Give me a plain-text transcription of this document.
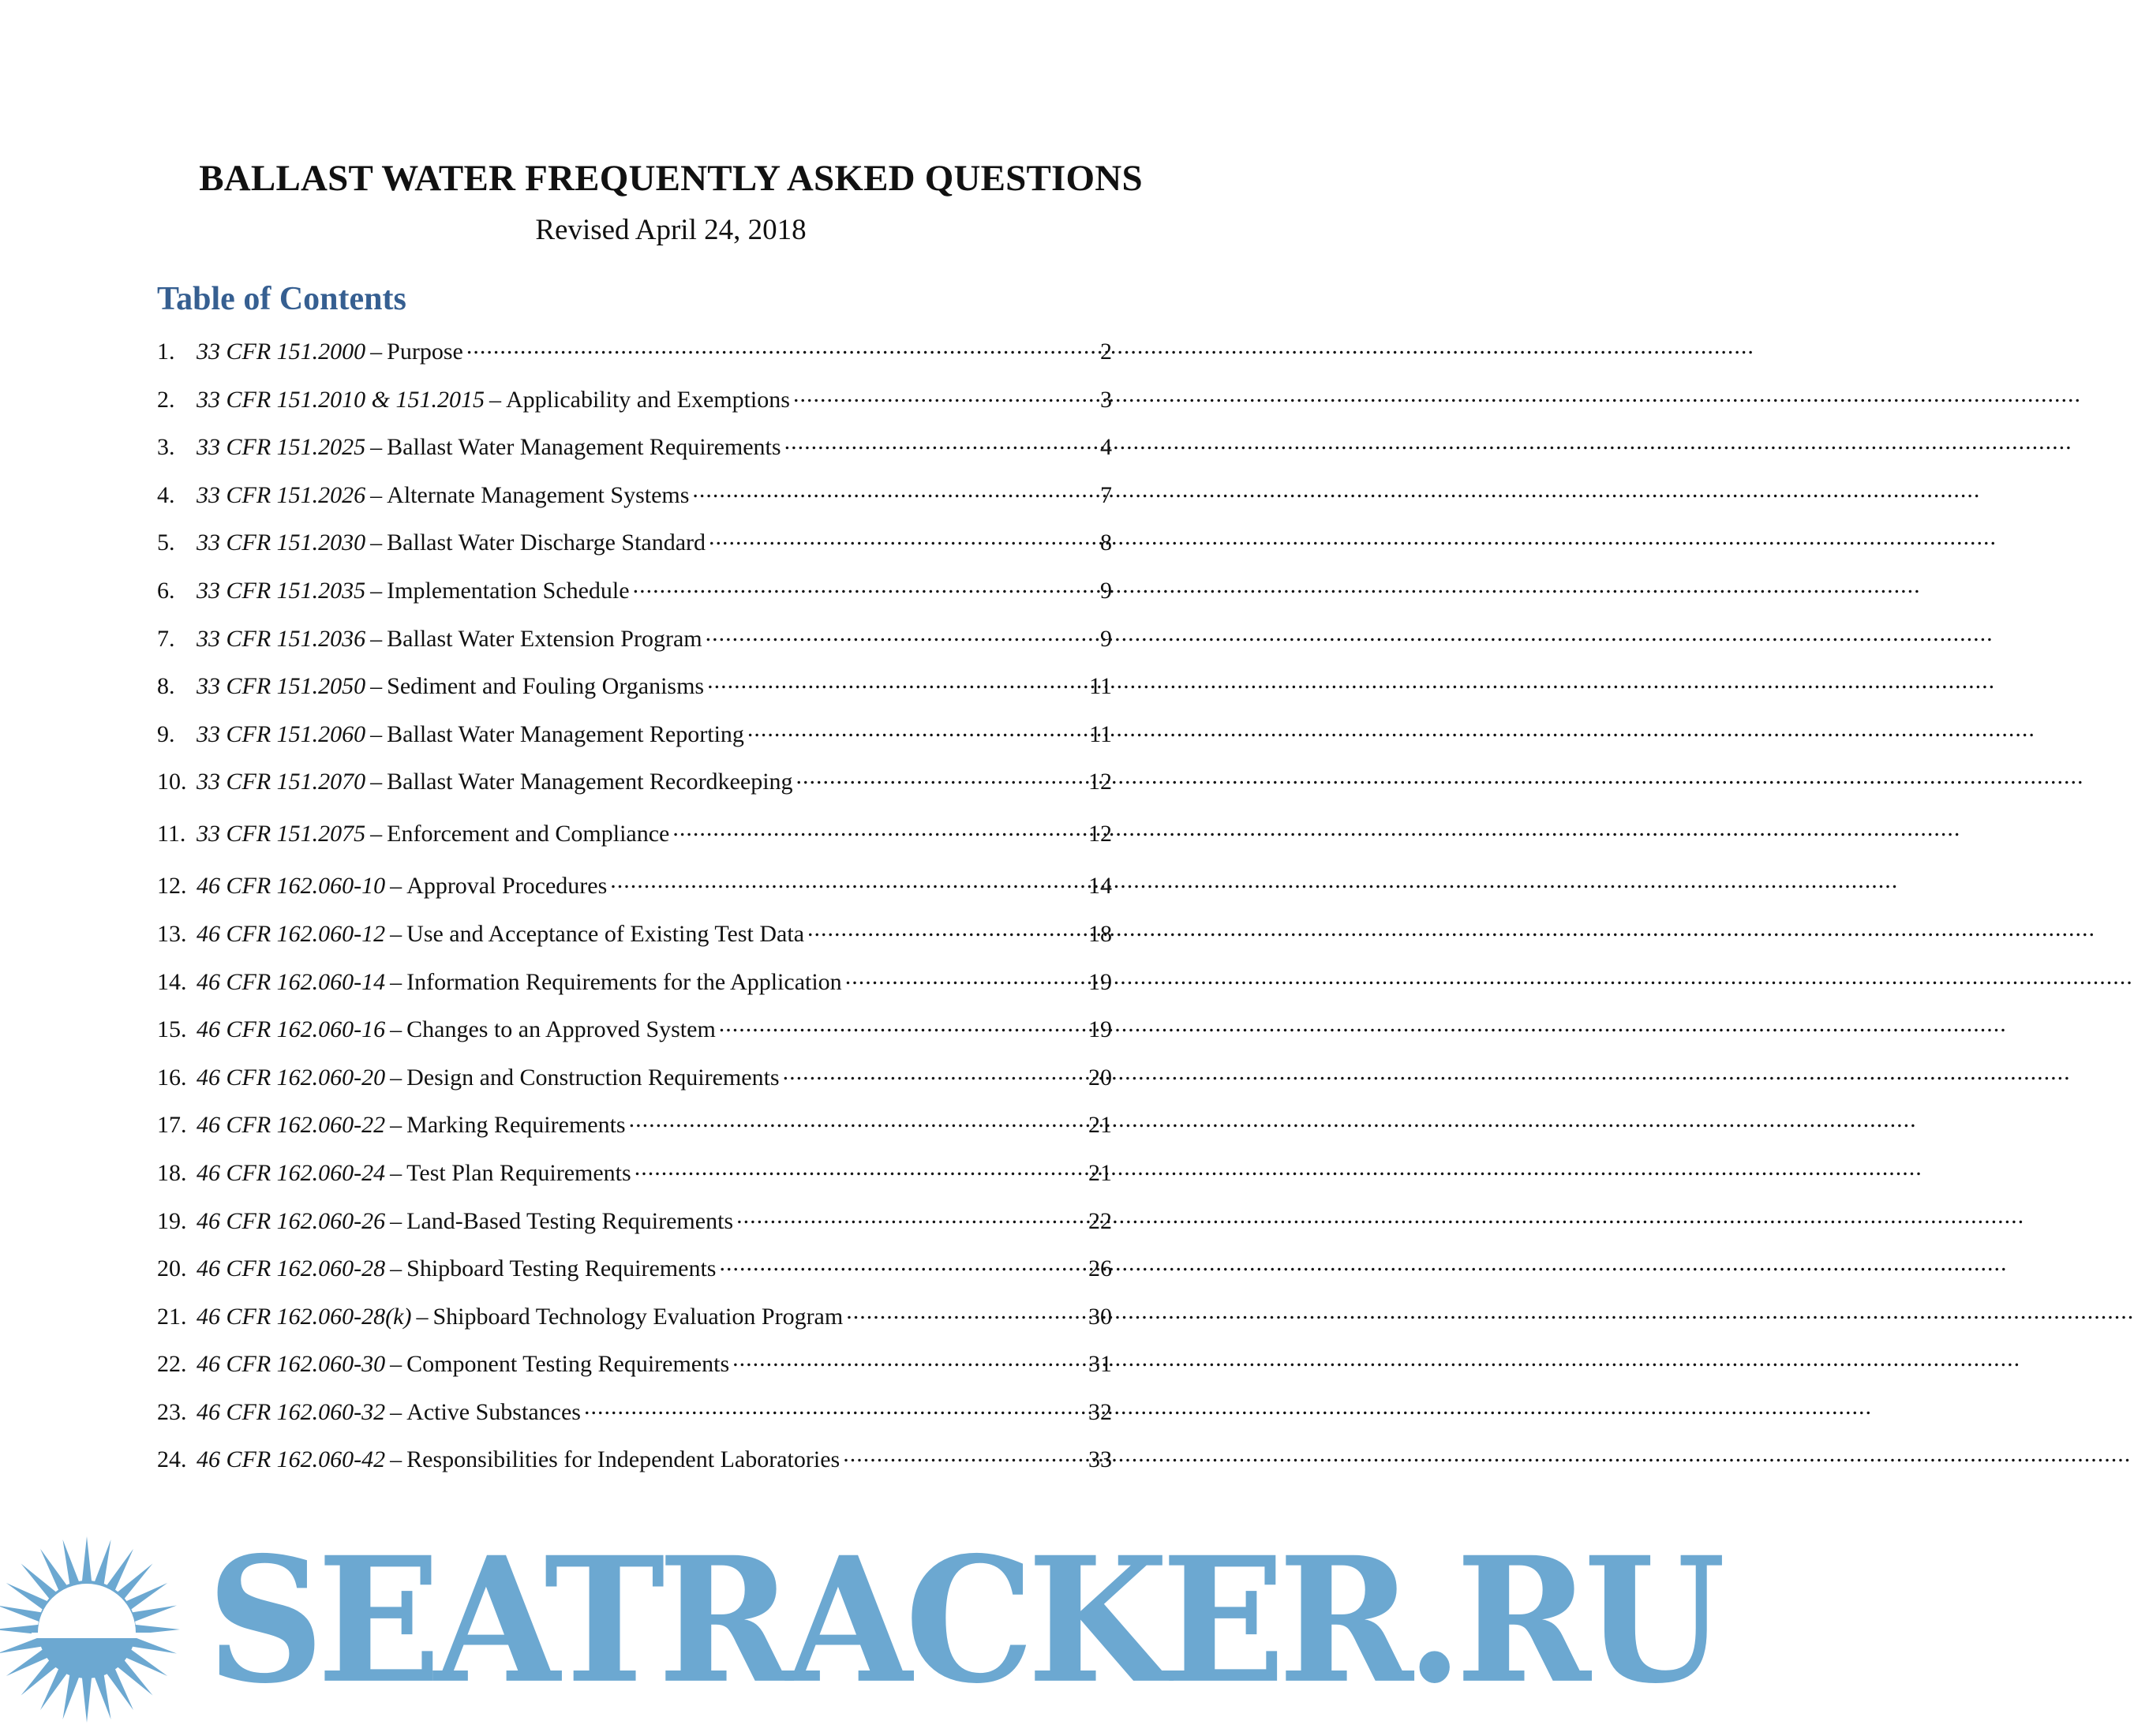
BALLAST WATER FREQUENTLY ASKED QUESTIONS
Revised April 24, 2018
Table of Contents
1. 33 CFR 151.2000 – Purpose .....	2
2. 33 CFR 151.2010 & 151.2015 – Applicability and Exemptions .....	3
3. 33 CFR 151.2025 – Ballast Water Management Requirements .....	4
4. 33 CFR 151.2026 – Alternate Management Systems .....	7
5. 33 CFR 151.2030 – Ballast Water Discharge Standard .....	8
6. 33 CFR 151.2035 – Implementation Schedule .....	9
7. 33 CFR 151.2036 – Ballast Water Extension Program .....	9
8. 33 CFR 151.2050 – Sediment and Fouling Organisms .....	11
9. 33 CFR 151.2060 – Ballast Water Management Reporting .....	11
10. 33 CFR 151.2070 – Ballast Water Management Recordkeeping .....	12
11. 33 CFR 151.2075 – Enforcement and Compliance .....	12
12. 46 CFR 162.060-10 – Approval Procedures .....	14
13. 46 CFR 162.060-12 – Use and Acceptance of Existing Test Data .....	18
14. 46 CFR 162.060-14 – Information Requirements for the Application .....	19
15. 46 CFR 162.060-16 – Changes to an Approved System .....	19
16. 46 CFR 162.060-20 – Design and Construction Requirements .....	20
17. 46 CFR 162.060-22 – Marking Requirements .....	21
18. 46 CFR 162.060-24 – Test Plan Requirements .....	21
19. 46 CFR 162.060-26 – Land-Based Testing Requirements .....	22
20. 46 CFR 162.060-28 – Shipboard Testing Requirements .....	26
21. 46 CFR 162.060-28(k) – Shipboard Technology Evaluation Program .....	30
22. 46 CFR 162.060-30 – Component Testing Requirements .....	31
23. 46 CFR 162.060-32 – Active Substances .....	32
24. 46 CFR 162.060-42 – Responsibilities for Independent Laboratories .....	33
SEATRACKER.RU
